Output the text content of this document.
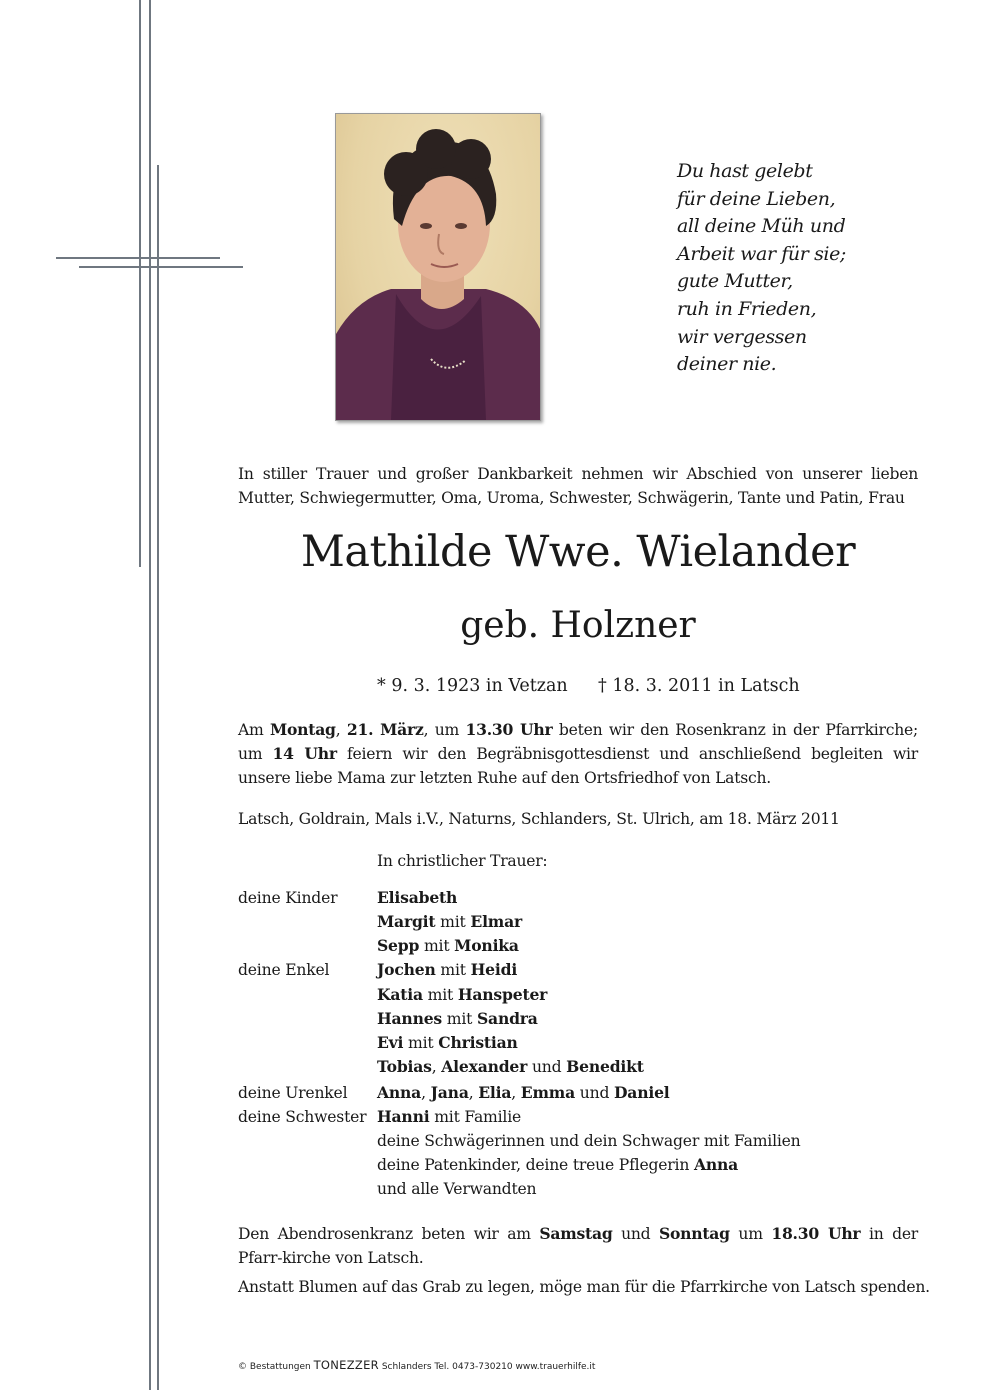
Du hast gelebt
für deine Lieben,
all deine Müh und
Arbeit war für sie;
gute Mutter,
ruh in Frieden,
wir vergessen
deiner nie.
In stiller Trauer und großer Dankbarkeit nehmen wir Abschied von unserer lieben Mutter, Schwiegermutter, Oma, Uroma, Schwester, Schwägerin, Tante und Patin, Frau
Mathilde Wwe. Wielander
geb. Holzner
* 9. 3. 1923 in Vetzan † 18. 3. 2011 in Latsch
Am Montag, 21. März, um 13.30 Uhr beten wir den Rosenkranz in der Pfarrkirche; um 14 Uhr feiern wir den Begräbnisgottesdienst und anschließend begleiten wir unsere liebe Mama zur letzten Ruhe auf den Ortsfriedhof von Latsch.
Latsch, Goldrain, Mals i.V., Naturns, Schlanders, St. Ulrich, am 18. März 2011
In christlicher Trauer:
deine Kinder	Elisabeth
Margit mit Elmar
Sepp mit Monika
deine Enkel	Jochen mit Heidi
Katia mit Hanspeter
Hannes mit Sandra
Evi mit Christian
Tobias, Alexander und Benedikt
deine Urenkel Anna, Jana, Elia, Emma und Daniel
deine Schwester Hanni mit Familie
deine Schwägerinnen und dein Schwager mit Familien
deine Patenkinder, deine treue Pflegerin Anna
und alle Verwandten
Den Abendrosenkranz beten wir am Samstag und Sonntag um 18.30 Uhr in der Pfarr-kirche von Latsch.
Anstatt Blumen auf das Grab zu legen, möge man für die Pfarrkirche von Latsch spenden.
© Bestattungen TONEZZER Schlanders Tel. 0473-730210 www.trauerhilfe.it
